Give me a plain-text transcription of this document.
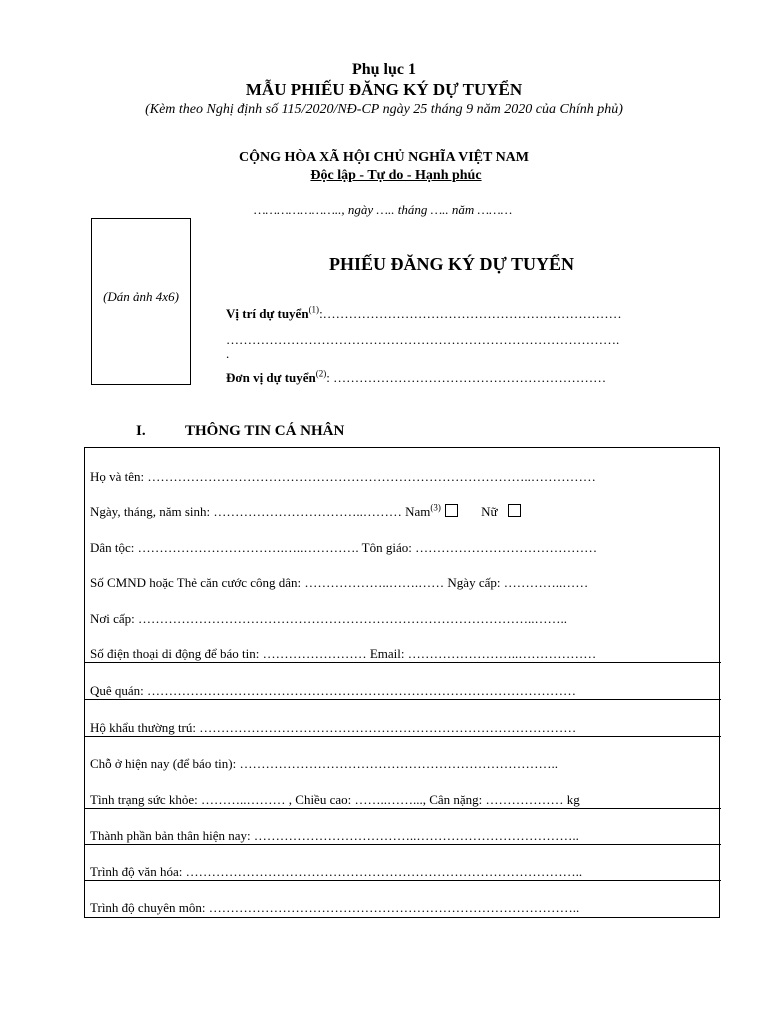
Phụ lục 1
MẪU PHIẾU ĐĂNG KÝ DỰ TUYỂN
(Kèm theo Nghị định số 115/2020/NĐ-CP ngày 25 tháng 9 năm 2020 của Chính phủ)
CỘNG HÒA XÃ HỘI CHỦ NGHĨA VIỆT NAM
Độc lập - Tự do - Hạnh phúc
………………….., ngày ….. tháng ….. năm ………
(Dán ảnh 4x6)
PHIẾU ĐĂNG KÝ DỰ TUYỂN
Vị trí dự tuyển$^{(1)}$:……………………………………………………………
……………………………………………………………………………….
.
Đơn vị dự tuyển$^{(2)}$: ………………………………………………………
I.	THÔNG TIN CÁ NHÂN
Họ và tên: ……………………………………………………………………………..……………
Ngày, tháng, năm sinh: ……………………………..……… Nam$^{(3)}$	Nữ
Dân tộc: …………………………….…..…………. Tôn giáo: ……………………………………
Số CMND hoặc Thẻ căn cước công dân: ………………..…….…… Ngày cấp: …………..……
Nơi cấp: ………………………………………………………………………………..……..
Số điện thoại di động để báo tin: …………………… Email: ……………………..………………
Quê quán: ………………………………………………………………………………………
Hộ khẩu thường trú: ……………………………………………………………………………
Chỗ ở hiện nay (để báo tin): ………………………………………………………………..
Tình trạng sức khỏe: ………..……… , Chiều cao: ……..……..., Cân nặng: ……………… kg
Thành phần bản thân hiện nay: ………………………………..………………………………..
Trình độ văn hóa: ………………………………………………………………………………..
Trình độ chuyên môn: …………………………………………………………………………..
